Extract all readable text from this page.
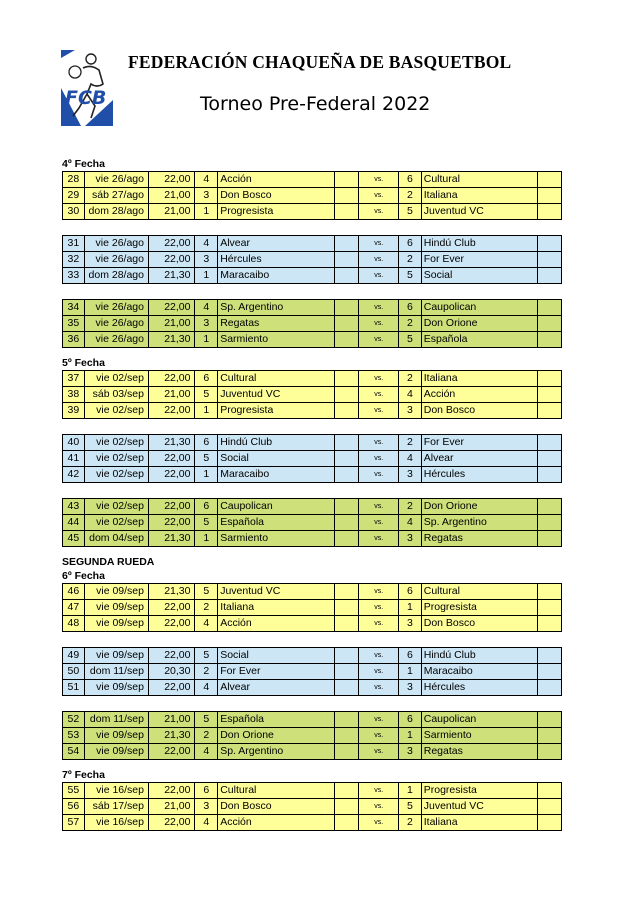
FCB
FEDERACIÓN CHAQUEÑA DE BASQUETBOL
Torneo Pre-Federal 2022
4º Fecha
28	vie 26/ago	22,00	4	Acción	vs.	6	Cultural
29	sáb 27/ago	21,00	3	Don Bosco	vs.	2	Italiana
30 dom 28/ago	21,00	1	Progresista	vs.	5	Juventud VC
31	vie 26/ago	22,00	4	Alvear	vs.	6	Hindú Club
32	vie 26/ago	22,00	3	Hércules	vs.	2	For Ever
33 dom 28/ago	21,30	1	Maracaibo	vs.	5	Social
34	vie 26/ago	22,00	4	Sp. Argentino	vs.	6	Caupolican
35	vie 26/ago	21,00	3	Regatas	vs.	2	Don Orione
36	vie 26/ago	21,30	1	Sarmiento	vs.	5	Española
5º Fecha
37	vie 02/sep	22,00	6	Cultural	vs.	2	Italiana
38	sáb 03/sep	21,00	5	Juventud VC	vs.	4	Acción
39	vie 02/sep	22,00	1	Progresista	vs.	3	Don Bosco
40	vie 02/sep	21,30	6	Hindú Club	vs.	2	For Ever
41	vie 02/sep	22,00	5	Social	vs.	4	Alvear
42	vie 02/sep	22,00	1	Maracaibo	vs.	3	Hércules
43	vie 02/sep	22,00	6	Caupolican	vs.	2	Don Orione
44	vie 02/sep	22,00	5	Española	vs.	4	Sp. Argentino
45 dom 04/sep	21,30	1	Sarmiento	vs.	3	Regatas
SEGUNDA RUEDA
6º Fecha
46	vie 09/sep	21,30	5	Juventud VC	vs.	6	Cultural
47	vie 09/sep	22,00	2	Italiana	vs.	1	Progresista
48	vie 09/sep	22,00	4	Acción	vs.	3	Don Bosco
49	vie 09/sep	22,00	5	Social	vs.	6	Hindú Club
50	dom 11/sep	20,30	2	For Ever	vs.	1	Maracaibo
51	vie 09/sep	22,00	4	Alvear	vs.	3	Hércules
52	dom 11/sep	21,00	5	Española	vs.	6	Caupolican
53	vie 09/sep	21,30	2	Don Orione	vs.	1	Sarmiento
54	vie 09/sep	22,00	4	Sp. Argentino	vs.	3	Regatas
7º Fecha
55	vie 16/sep	22,00	6	Cultural	vs.	1	Progresista
56	sáb 17/sep	21,00	3	Don Bosco	vs.	5	Juventud VC
57	vie 16/sep	22,00	4	Acción	vs.	2	Italiana
